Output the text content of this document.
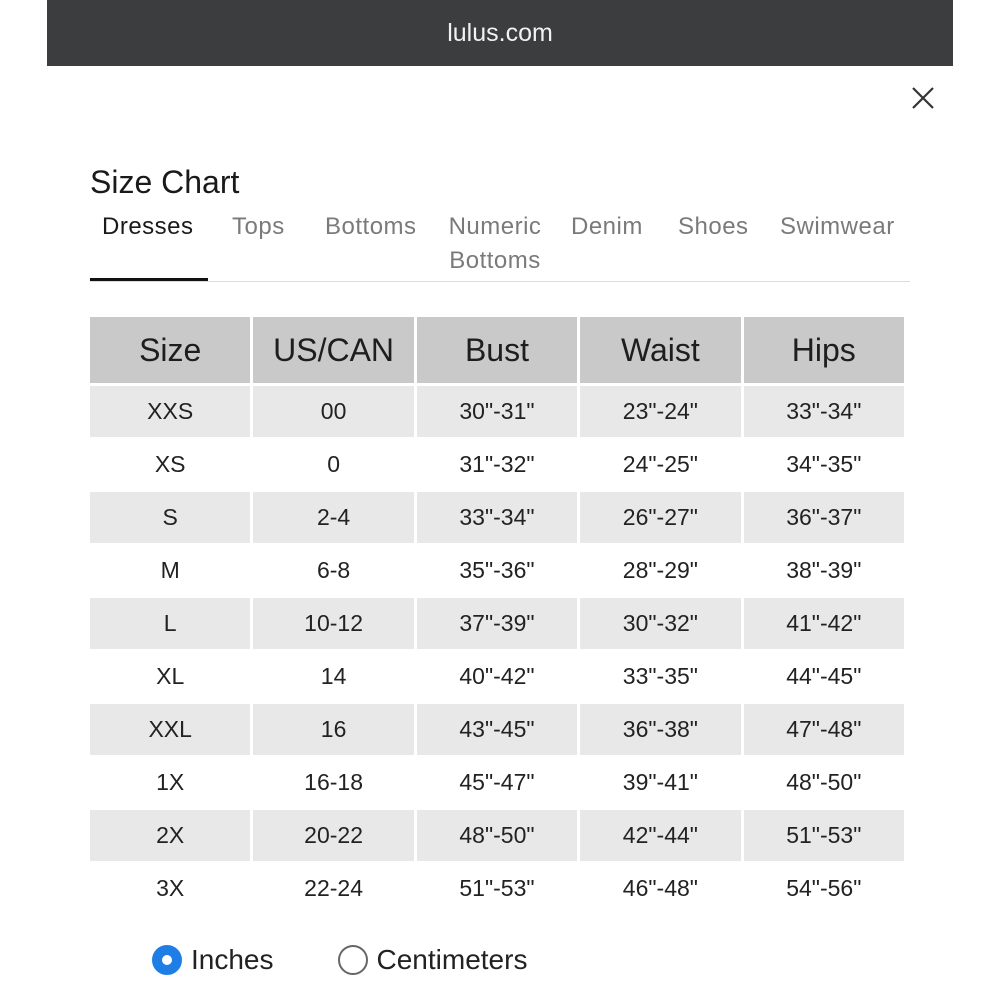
lulus.com
Size Chart
Dresses Tops Bottoms Numeric Bottoms
Denim Shoes Swimwear
Size	US/CAN	Bust	Waist	Hips
XXS	00	30"-31"	23"-24"	33"-34"
XS	0	31"-32"	24"-25"	34"-35"
S	2-4	33"-34"	26"-27"	36"-37"
M	6-8	35"-36"	28"-29"	38"-39"
L	10-12	37"-39"	30"-32"	41"-42"
XL	14	40"-42"	33"-35"	44"-45"
XXL	16	43"-45"	36"-38"	47"-48"
1X	16-18	45"-47"	39"-41"	48"-50"
2X	20-22	48"-50"	42"-44"	51"-53"
3X	22-24	51"-53"	46"-48"	54"-56"
Inches	Centimeters
